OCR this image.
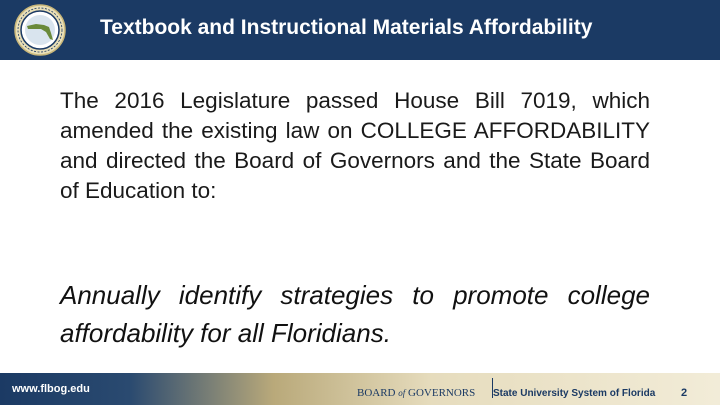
Textbook and Instructional Materials Affordability
The 2016 Legislature passed House Bill 7019, which amended the existing law on COLLEGE AFFORDABILITY and directed the Board of Governors and the State Board of Education to:
Annually identify strategies to promote college affordability for all Floridians.
www.flbog.edu	BOARD of GOVERNORS State University System of Florida 2
